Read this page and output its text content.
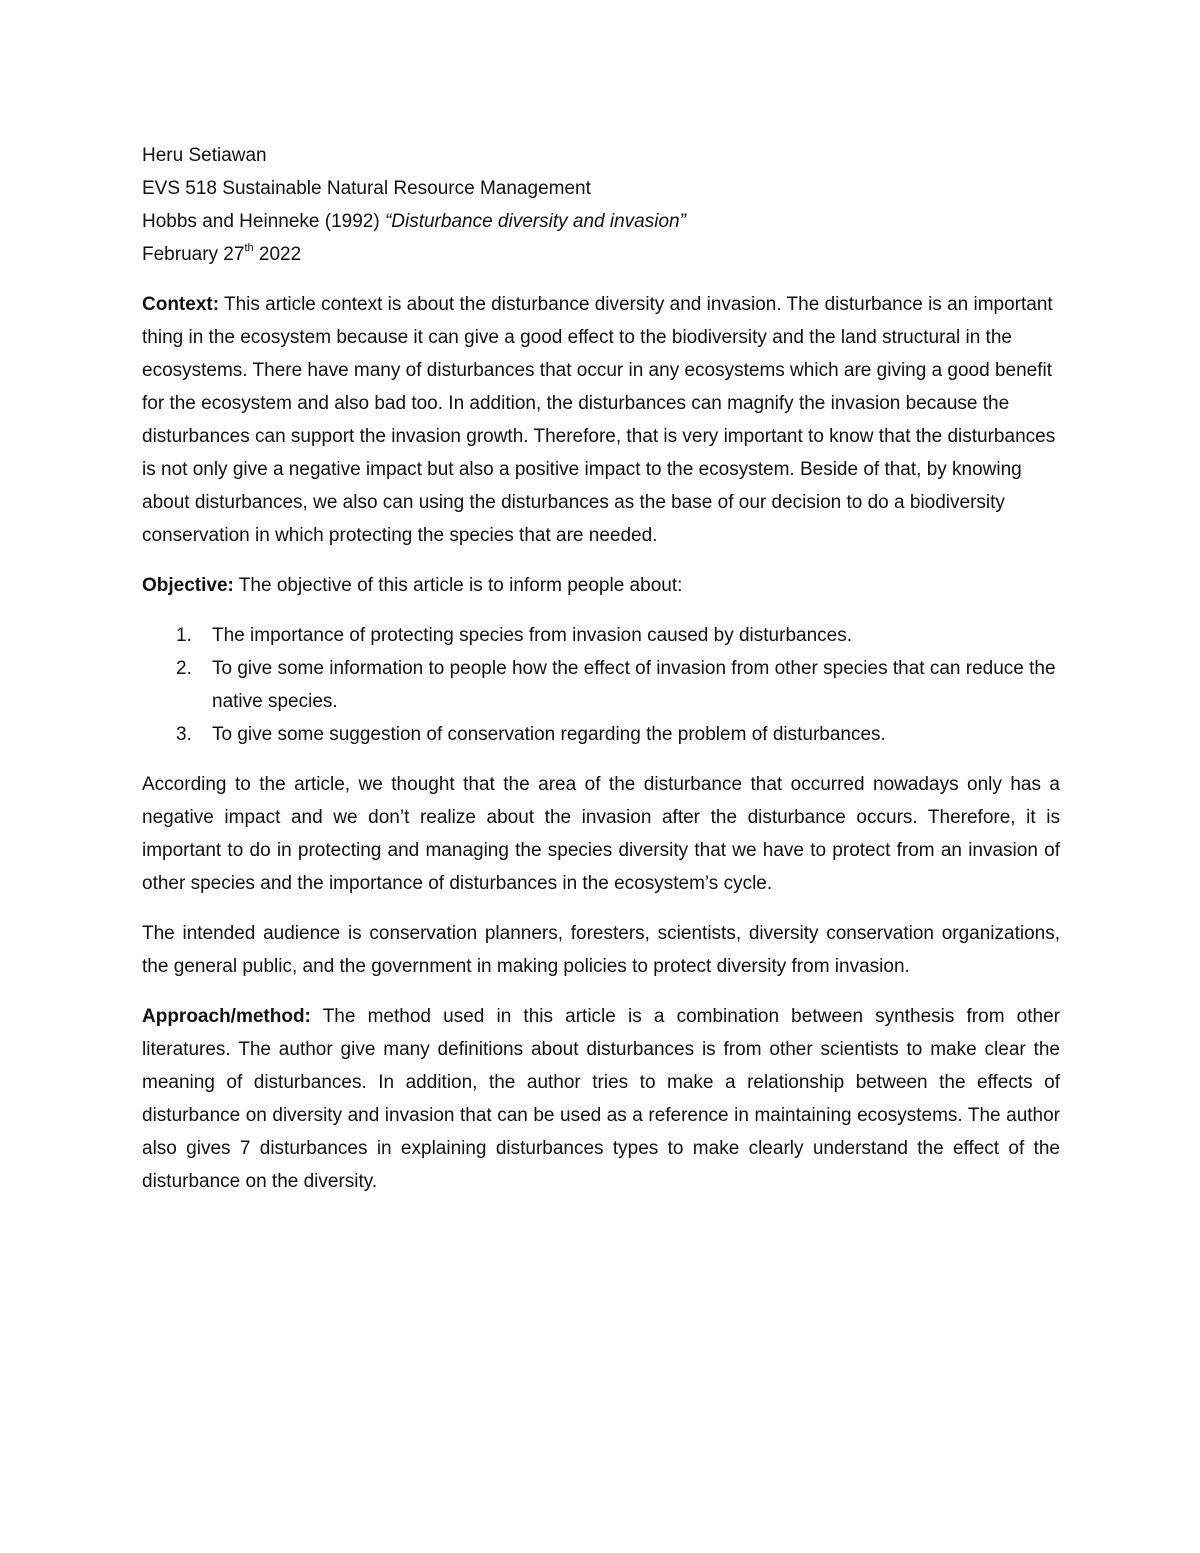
Heru Setiawan

EVS 518 Sustainable Natural Resource Management

Hobbs and Heinneke (1992) “Disturbance diversity and invasion”

February 27th 2022

Context: This article context is about the disturbance diversity and invasion. The disturbance is an important thing in the ecosystem because it can give a good effect to the biodiversity and the land structural in the ecosystems. There have many of disturbances that occur in any ecosystems which are giving a good benefit for the ecosystem and also bad too. In addition, the disturbances can magnify the invasion because the disturbances can support the invasion growth. Therefore, that is very important to know that the disturbances is not only give a negative impact but also a positive impact to the ecosystem. Beside of that, by knowing about disturbances, we also can using the disturbances as the base of our decision to do a biodiversity conservation in which protecting the species that are needed.

Objective: The objective of this article is to inform people about:

1. The importance of protecting species from invasion caused by disturbances.
2. To give some information to people how the effect of invasion from other species that can reduce the native species.
3. To give some suggestion of conservation regarding the problem of disturbances.

According to the article, we thought that the area of the disturbance that occurred nowadays only has a negative impact and we don’t realize about the invasion after the disturbance occurs. Therefore, it is important to do in protecting and managing the species diversity that we have to protect from an invasion of other species and the importance of disturbances in the ecosystem’s cycle.

The intended audience is conservation planners, foresters, scientists, diversity conservation organizations, the general public, and the government in making policies to protect diversity from invasion.

Approach/method: The method used in this article is a combination between synthesis from other literatures. The author give many definitions about disturbances is from other scientists to make clear the meaning of disturbances. In addition, the author tries to make a relationship between the effects of disturbance on diversity and invasion that can be used as a reference in maintaining ecosystems. The author also gives 7 disturbances in explaining disturbances types to make clearly understand the effect of the disturbance on the diversity.
